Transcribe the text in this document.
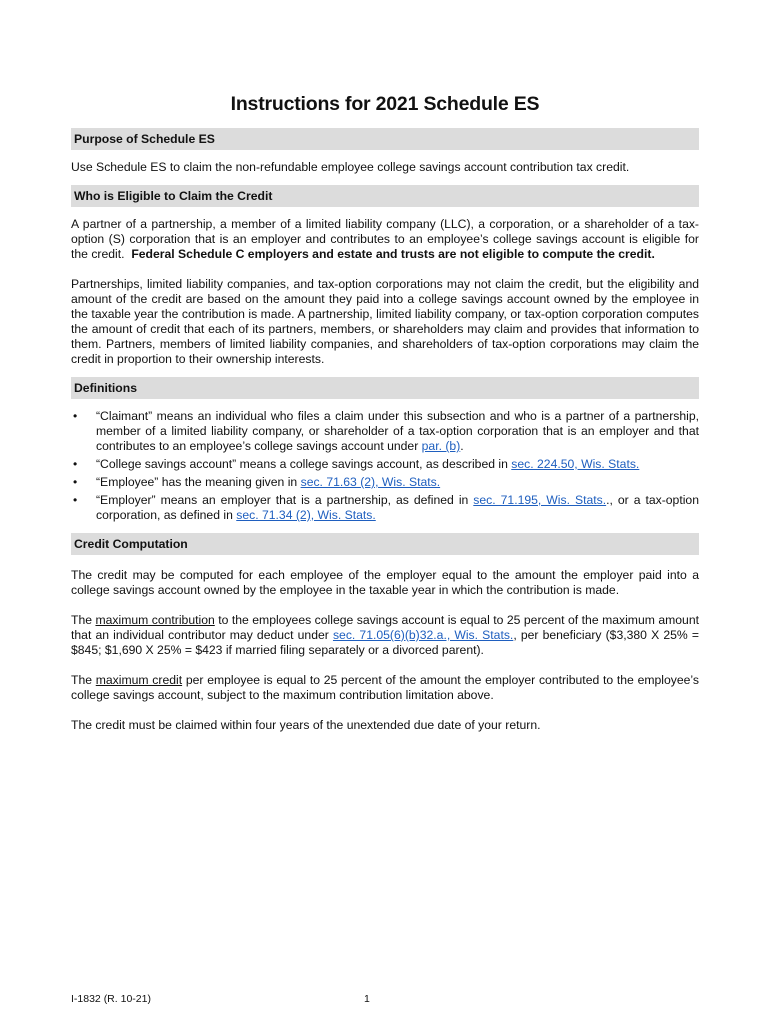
Instructions for 2021 Schedule ES
Purpose of Schedule ES

Use Schedule ES to claim the non-refundable employee college savings account contribution tax credit.

Who is Eligible to Claim the Credit

A partner of a partnership, a member of a limited liability company (LLC), a corporation, or a shareholder of a tax-option (S) corporation that is an employer and contributes to an employee’s college savings account is eligible for the credit. Federal Schedule C employers and estate and trusts are not eligible to compute the credit.

Partnerships, limited liability companies, and tax‑option corporations may not claim the credit, but the eligibility and amount of the credit are based on the amount they paid into a college savings account owned by the employee in the taxable year the contribution is made. A partnership, limited liability company, or tax‑option corporation computes the amount of credit that each of its partners, members, or shareholders may claim and provides that information to them. Partners, members of limited liability companies, and shareholders of tax‑option corporations may claim the credit in proportion to their ownership interests.

Definitions
• “Claimant” means an individual who files a claim under this subsection and who is a partner of a partnership, member of a limited liability company, or shareholder of a tax‑option corporation that is an employer and that contributes to an employee’s college savings account under par. (b).
• “College savings account” means a college savings account, as described in sec. 224.50, Wis. Stats.
• “Employee” has the meaning given in sec. 71.63 (2), Wis. Stats.
• “Employer” means an employer that is a partnership, as defined in sec. 71.195, Wis. Stats.., or a tax‑option corporation, as defined in sec. 71.34 (2), Wis. Stats.
Credit Computation

The credit may be computed for each employee of the employer equal to the amount the employer paid into a college savings account owned by the employee in the taxable year in which the contribution is made.

The maximum contribution to the employees college savings account is equal to 25 percent of the maximum amount that an individual contributor may deduct under sec. 71.05(6)(b)32.a., Wis. Stats., per beneficiary ($3,380 X 25% = $845; $1,690 X 25% = $423 if married filing separately or a divorced parent).

The maximum credit per employee is equal to 25 percent of the amount the employer contributed to the employee’s college savings account, subject to the maximum contribution limitation above.

The credit must be claimed within four years of the unextended due date of your return.

I-1832 (R. 10-21)	1
